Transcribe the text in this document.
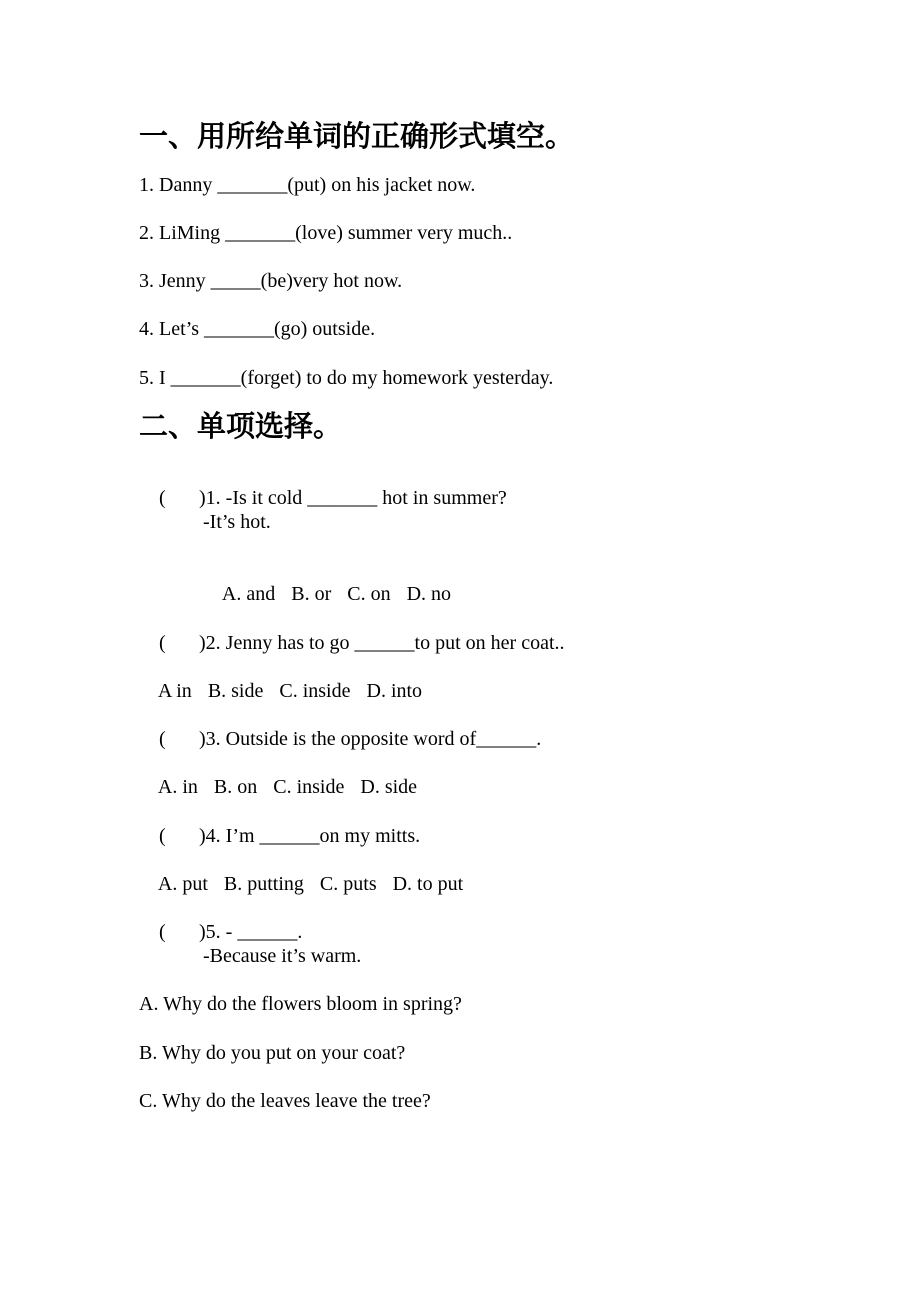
一、用所给单词的正确形式填空。
1. Danny _______(put) on his jacket now.
2. LiMing _______(love) summer very much..
3. Jenny _____(be)very hot now.
4. Let’s _______(go) outside.
5. I _______(forget) to do my homework yesterday.
二、单项选择。

( )1. -Is it cold _______ hot in summer?

-It’s hot.

A. and B. or C. on D. no

( )2. Jenny has to go ______to put on her coat..

A in B. side C. inside D. into

( )3. Outside is the opposite word of______.

A. in B. on C. inside D. side

( )4. I’m ______on my mitts.

A. put B. putting C. puts D. to put

( )5. - ______.

-Because it’s warm.
A. Why do the flowers bloom in spring?
B. Why do you put on your coat?
C. Why do the leaves leave the tree?
